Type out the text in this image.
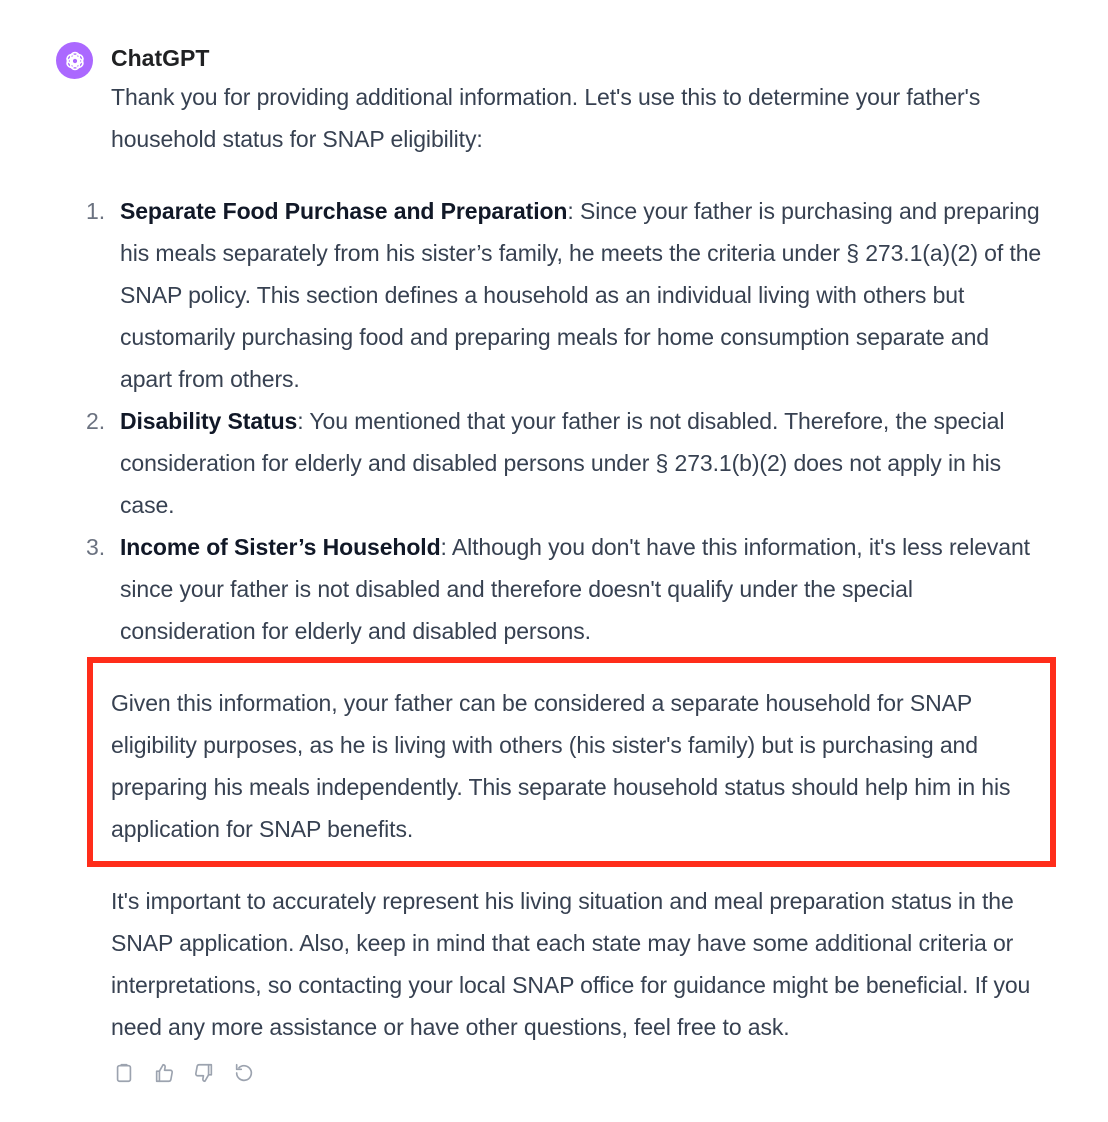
ChatGPT

Thank you for providing additional information. Let's use this to determine your father's household status for SNAP eligibility:

1. Separate Food Purchase and Preparation: Since your father is purchasing and preparing his meals separately from his sister’s family, he meets the criteria under § 273.1(a)(2) of the SNAP policy. This section defines a household as an individual living with others but customarily purchasing food and preparing meals for home consumption separate and apart from others.
2. Disability Status: You mentioned that your father is not disabled. Therefore, the special consideration for elderly and disabled persons under § 273.1(b)(2) does not apply in his case.
3. Income of Sister’s Household: Although you don't have this information, it's less relevant since your father is not disabled and therefore doesn't qualify under the special consideration for elderly and disabled persons.

Given this information, your father can be considered a separate household for SNAP eligibility purposes, as he is living with others (his sister's family) but is purchasing and preparing his meals independently. This separate household status should help him in his application for SNAP benefits.

It's important to accurately represent his living situation and meal preparation status in the SNAP application. Also, keep in mind that each state may have some additional criteria or interpretations, so contacting your local SNAP office for guidance might be beneficial. If you need any more assistance or have other questions, feel free to ask.
